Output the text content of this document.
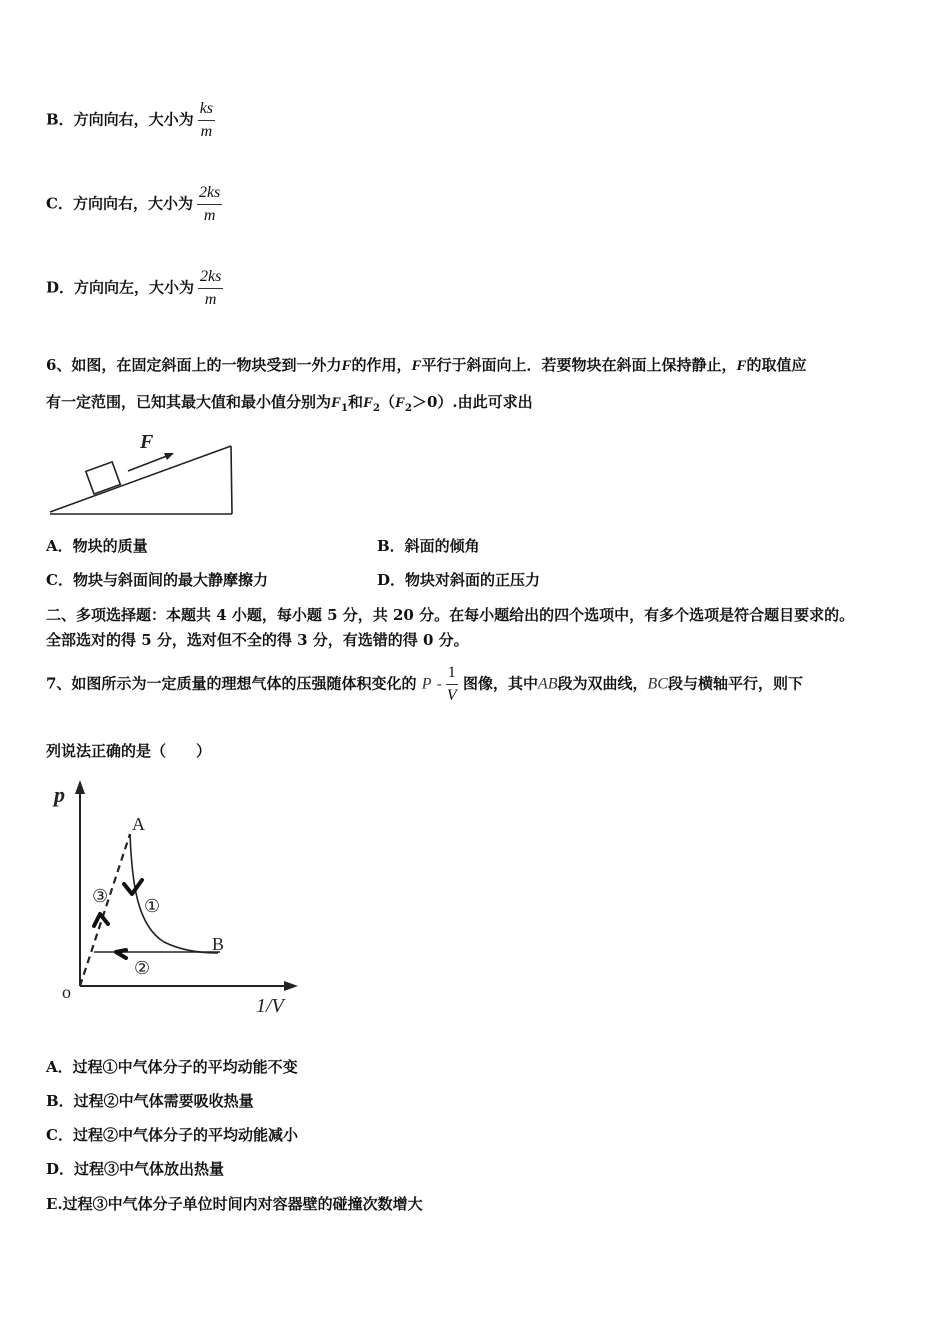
B．方向向右，大小为 $\frac{ks}{m}$
C．方向向右，大小为 $\frac{2ks}{m}$
D．方向向左，大小为 $\frac{2ks}{m}$
6、如图，在固定斜面上的一物块受到一外力F的作用，F平行于斜面向上．若要物块在斜面上保持静止，F的取值应
有一定范围，已知其最大值和最小值分别为$F_1$和$F_2(F_2>0)$.由此可求出
F
A．物块的质量	B．斜面的倾角
C．物块与斜面间的最大静摩擦力	D．物块对斜面的正压力
二、多项选择题：本题共 4 小题，每小题 5 分，共 20 分。在每小题给出的四个选项中，有多个选项是符合题目要求的。
全部选对的得 5 分，选对但不全的得 3 分，有选错的得 0 分。
7、如图所示为一定质量的理想气体的压强随体积变化的 P - $\frac{1}{V}$ 图像，其中AB段为双曲线，BC段与横轴平行，则下
列说法正确的是（　　）
p
1/V
o
A
B
①
②
③
A．过程①中气体分子的平均动能不变
B．过程②中气体需要吸收热量
C．过程②中气体分子的平均动能减小
D．过程③中气体放出热量
E.过程③中气体分子单位时间内对容器壁的碰撞次数增大
